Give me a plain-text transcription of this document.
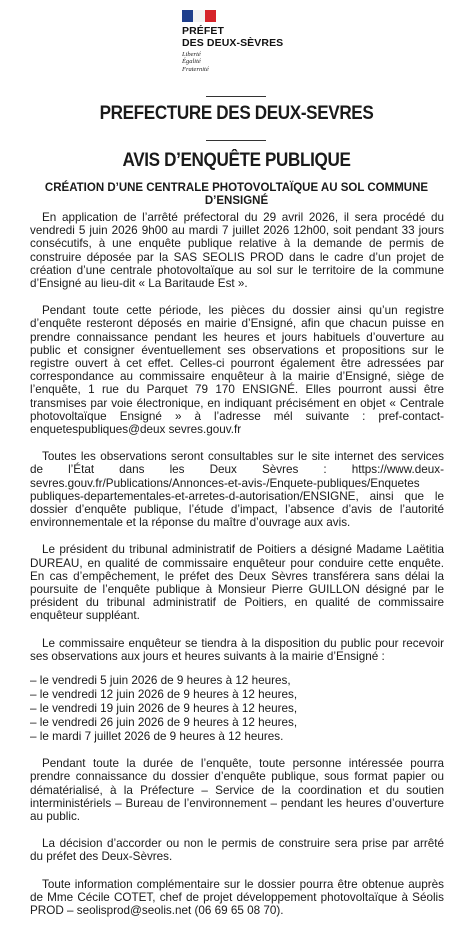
PRÉFET
DES DEUX-SÈVRES
Liberté
Égalité
Fraternité
PREFECTURE DES DEUX-SEVRES
AVIS D’ENQUÊTE PUBLIQUE
CRÉATION D’UNE CENTRALE PHOTOVOLTAÏQUE AU SOL COMMUNE D’ENSIGNÉ

En application de l’arrêté préfectoral du 29 avril 2026, il sera procédé du vendredi 5 juin 2026 9h00 au mardi 7 juillet 2026 12h00, soit pendant 33 jours consécutifs, à une enquête publique relative à la demande de permis de construire déposée par la SAS SEOLIS PROD dans le cadre d’un projet de création d’une centrale photovoltaïque au sol sur le territoire de la commune d’Ensigné au lieu-dit « La Baritaude Est ».

Pendant toute cette période, les pièces du dossier ainsi qu’un registre d’enquête resteront déposés en mairie d’Ensigné, afin que chacun puisse en prendre connaissance pendant les heures et jours habituels d’ouverture au public et consigner éventuellement ses observations et propositions sur le registre ouvert à cet effet. Celles-ci pourront également être adressées par correspondance au commissaire enquêteur à la mairie d’Ensigné, siège de l’enquête, 1 rue du Parquet 79 170 ENSIGNÉ. Elles pourront aussi être transmises par voie électronique, en indiquant précisément en objet « Centrale photovoltaïque Ensigné » à l’adresse mél suivante : pref-contact-enquetespubliques@deux sevres.gouv.fr

Toutes les observations seront consultables sur le site internet des services de l’État dans les Deux Sèvres : https://www.deux-sevres.gouv.fr/Publications/Annonces-et-avis-/Enquete-publiques/Enquetes publiques-departementales-et-arretes-d-autorisation/ENSIGNE, ainsi que le dossier d’enquête publique, l’étude d’impact, l’absence d’avis de l’autorité environnementale et la réponse du maître d’ouvrage aux avis.

Le président du tribunal administratif de Poitiers a désigné Madame Laëtitia DUREAU, en qualité de commissaire enquêteur pour conduire cette enquête. En cas d’empêchement, le préfet des Deux Sèvres transférera sans délai la poursuite de l’enquête publique à Monsieur Pierre GUILLON désigné par le président du tribunal administratif de Poitiers, en qualité de commissaire enquêteur suppléant.

Le commissaire enquêteur se tiendra à la disposition du public pour recevoir ses observations aux jours et heures suivants à la mairie d’Ensigné :

– le vendredi 5 juin 2026 de 9 heures à 12 heures,
– le vendredi 12 juin 2026 de 9 heures à 12 heures,
– le vendredi 19 juin 2026 de 9 heures à 12 heures,
– le vendredi 26 juin 2026 de 9 heures à 12 heures,
– le mardi 7 juillet 2026 de 9 heures à 12 heures.

Pendant toute la durée de l’enquête, toute personne intéressée pourra prendre connaissance du dossier d’enquête publique, sous format papier ou dématérialisé, à la Préfecture – Service de la coordination et du soutien interministériels – Bureau de l’environnement – pendant les heures d’ouverture au public.

La décision d’accorder ou non le permis de construire sera prise par arrêté du préfet des Deux-Sèvres.

Toute information complémentaire sur le dossier pourra être obtenue auprès de Mme Cécile COTET, chef de projet développement photovoltaïque à Séolis PROD – seolisprod@seolis.net (06 69 65 08 70).
